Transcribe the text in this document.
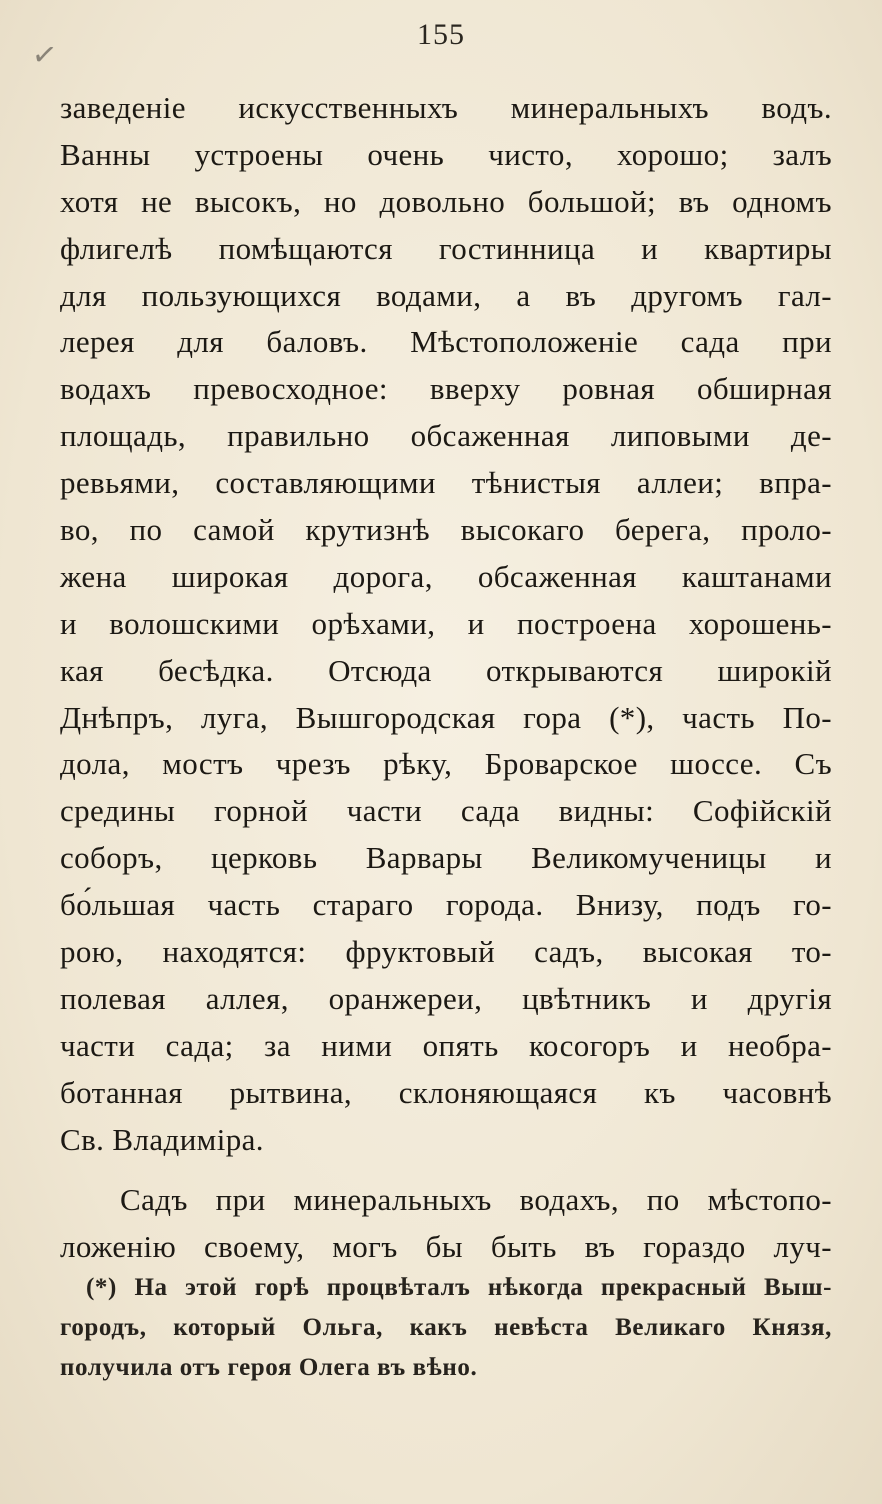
155
✓
заведенiе искусственныхъ минеральныхъ водъ.
Ванны устроены очень чисто, хорошо; залъ
хотя не высокъ, но довольно большой; въ одномъ
флигелѣ помѣщаются гостинница и квартиры
для пользующихся водами, а въ другомъ гал-
лерея для баловъ. Мѣстоположенiе сада при
водахъ превосходное: вверху ровная обширная
площадь, правильно обсаженная липовыми де-
ревьями, составляющими тѣнистыя аллеи; впра-
во, по самой крутизнѣ высокаго берега, проло-
жена широкая дорога, обсаженная каштанами
и волошскими орѣхами, и построена хорошень-
кая бесѣдка. Отсюда открываются широкiй
Днѣпръ, луга, Вышгородская гора (*), часть По-
дола, мостъ чрезъ рѣку, Броварское шоссе. Съ
средины горной части сада видны: Софiйскiй
соборъ, церковь Варвары Великомученицы и
бо́льшая часть стараго города. Внизу, подъ го-
рою, находятся: фруктовый садъ, высокая то-
полевая аллея, оранжереи, цвѣтникъ и другiя
части сада; за ними опять косогоръ и необра-
ботанная рытвина, склоняющаяся къ часовнѣ
Св. Владимiра.
Садъ при минеральныхъ водахъ, по мѣстопо-
ложенiю своему, могъ бы быть въ гораздо луч-
(*) На этой горѣ процвѣталъ нѣкогда прекрасный Выш-
городъ, который Ольга, какъ невѣста Великаго Князя,
получила отъ героя Олега въ вѣно.
